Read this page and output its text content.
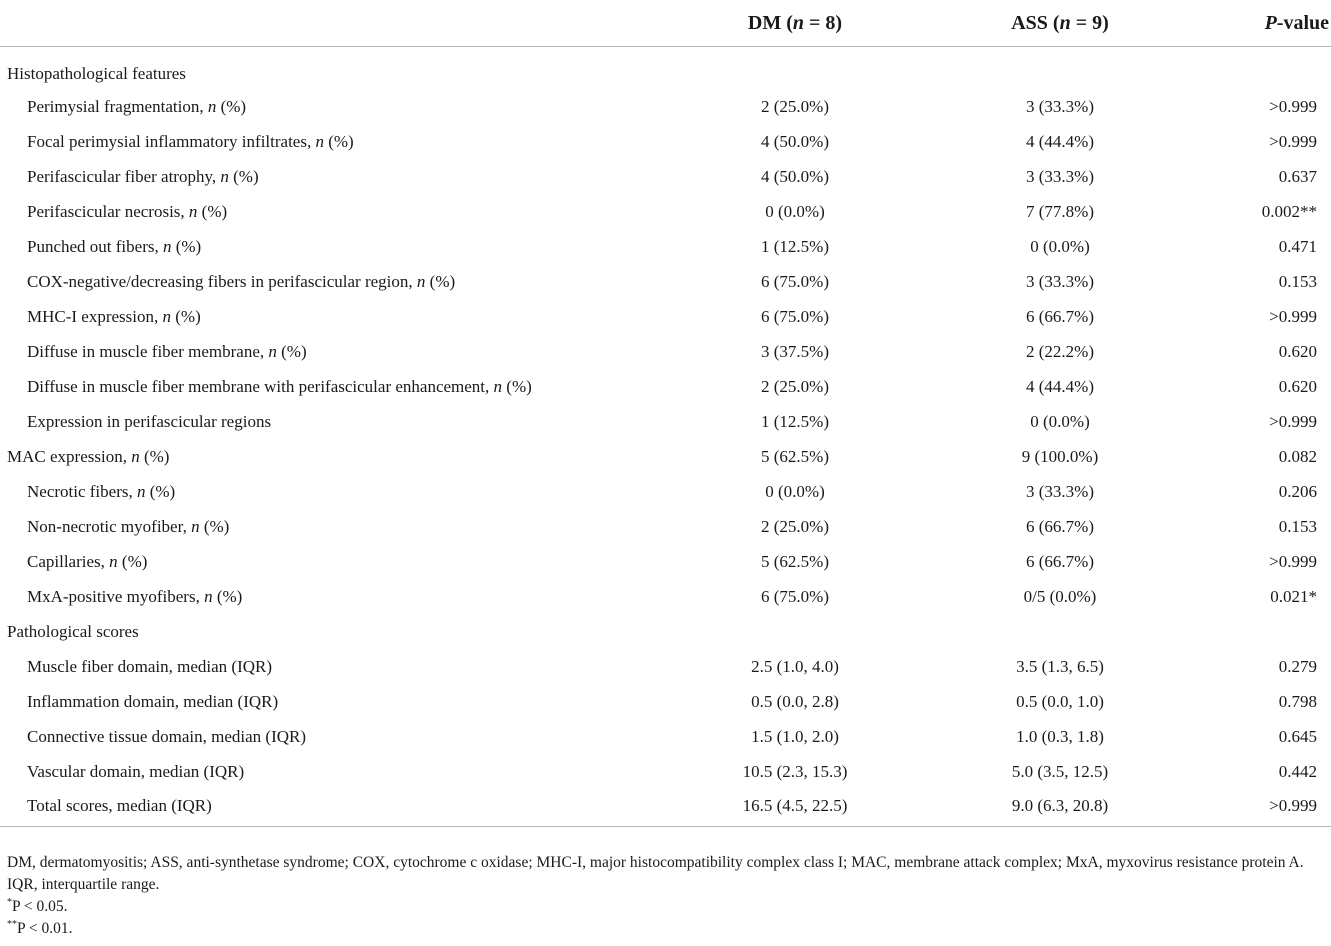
	DM (n = 8)	ASS (n = 9)	P-value
Histopathological features			
Perimysial fragmentation, n (%)	2 (25.0%)	3 (33.3%)	>0.999
Focal perimysial inflammatory infiltrates, n (%)	4 (50.0%)	4 (44.4%)	>0.999
Perifascicular fiber atrophy, n (%)	4 (50.0%)	3 (33.3%)	0.637
Perifascicular necrosis, n (%)	0 (0.0%)	7 (77.8%)	0.002**
Punched out fibers, n (%)	1 (12.5%)	0 (0.0%)	0.471
COX-negative/decreasing fibers in perifascicular region, n (%)	6 (75.0%)	3 (33.3%)	0.153
MHC-I expression, n (%)	6 (75.0%)	6 (66.7%)	>0.999
Diffuse in muscle fiber membrane, n (%)	3 (37.5%)	2 (22.2%)	0.620
Diffuse in muscle fiber membrane with perifascicular enhancement, n (%)	2 (25.0%)	4 (44.4%)	0.620
Expression in perifascicular regions	1 (12.5%)	0 (0.0%)	>0.999
MAC expression, n (%)	5 (62.5%)	9 (100.0%)	0.082
Necrotic fibers, n (%)	0 (0.0%)	3 (33.3%)	0.206
Non-necrotic myofiber, n (%)	2 (25.0%)	6 (66.7%)	0.153
Capillaries, n (%)	5 (62.5%)	6 (66.7%)	>0.999
MxA-positive myofibers, n (%)	6 (75.0%)	0/5 (0.0%)	0.021*
Pathological scores			
Muscle fiber domain, median (IQR)	2.5 (1.0, 4.0)	3.5 (1.3, 6.5)	0.279
Inflammation domain, median (IQR)	0.5 (0.0, 2.8)	0.5 (0.0, 1.0)	0.798
Connective tissue domain, median (IQR)	1.5 (1.0, 2.0)	1.0 (0.3, 1.8)	0.645
Vascular domain, median (IQR)	10.5 (2.3, 15.3)	5.0 (3.5, 12.5)	0.442
Total scores, median (IQR)	16.5 (4.5, 22.5)	9.0 (6.3, 20.8)	>0.999
DM, dermatomyositis; ASS, anti-synthetase syndrome; COX, cytochrome c oxidase; MHC-I, major histocompatibility complex class I; MAC, membrane attack complex; MxA, myxovirus resistance protein A. IQR, interquartile range.
*P < 0.05.
**P < 0.01.
